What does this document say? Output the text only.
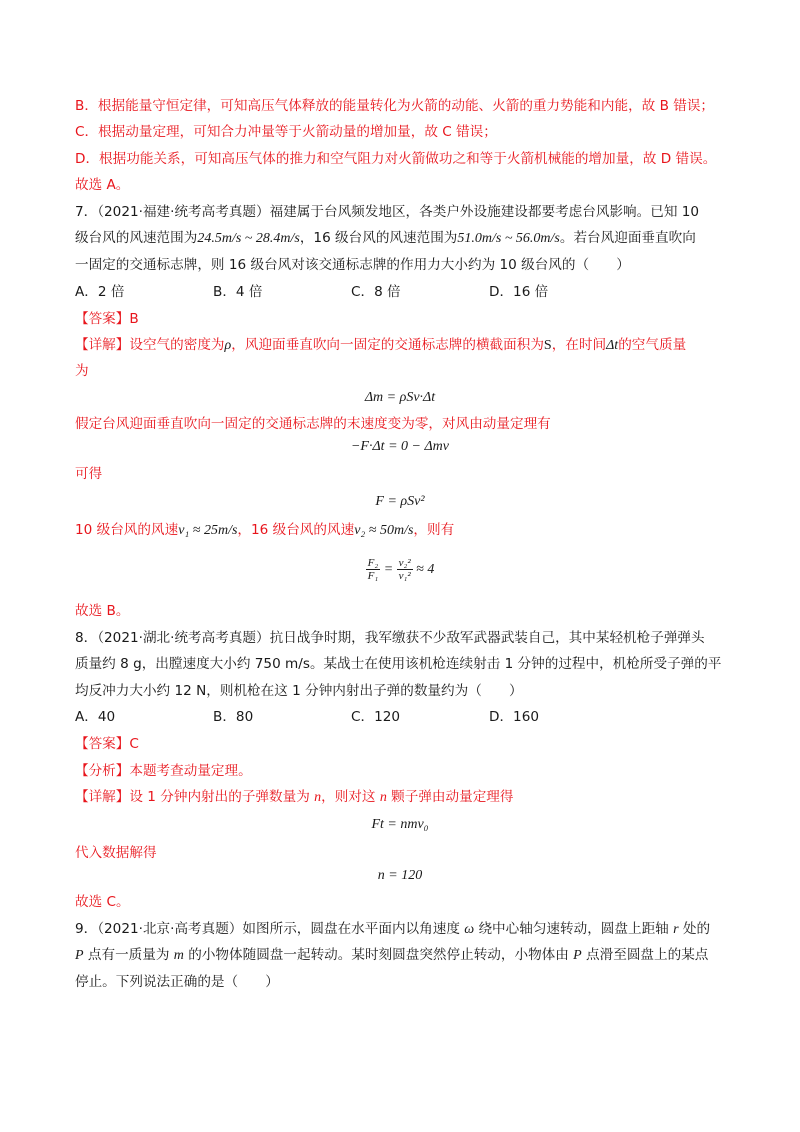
B．根据能量守恒定律，可知高压气体释放的能量转化为火箭的动能、火箭的重力势能和内能，故 B 错误；
C．根据动量定理，可知合力冲量等于火箭动量的增加量，故 C 错误；
D．根据功能关系，可知高压气体的推力和空气阻力对火箭做功之和等于火箭机械能的增加量，故 D 错误。
故选 A。
7．（2021·福建·统考高考真题）福建属于台风频发地区，各类户外设施建设都要考虑台风影响。已知 10
级台风的风速范围为24.5m/s ~ 28.4m/s，16 级台风的风速范围为51.0m/s ~ 56.0m/s。若台风迎面垂直吹向
一固定的交通标志牌，则 16 级台风对该交通标志牌的作用力大小约为 10 级台风的（　　）
A．2 倍	B．4 倍	C．8 倍	D．16 倍
【答案】B
【详解】设空气的密度为ρ，风迎面垂直吹向一固定的交通标志牌的横截面积为S，在时间Δt的空气质量
为
Δm = ρSv·Δt
假定台风迎面垂直吹向一固定的交通标志牌的末速度变为零，对风由动量定理有
−F·Δt = 0 − Δmv
可得
F = ρSv²
10 级台风的风速v₁ ≈ 25m/s，16 级台风的风速v₂ ≈ 50m/s，则有
$\frac{\text{F₂}}{\text{F₁}} = \frac{\text{v₂²}}{\text{v₁²}} \approx 4$
故选 B。
8．（2021·湖北·统考高考真题）抗日战争时期，我军缴获不少敌军武器武装自己，其中某轻机枪子弹弹头
质量约 8 g，出膛速度大小约 750 m/s。某战士在使用该机枪连续射击 1 分钟的过程中，机枪所受子弹的平
均反冲力大小约 12 N，则机枪在这 1 分钟内射出子弹的数量约为（　　）
A．40	B．80	C．120	D．160
【答案】C
【分析】本题考查动量定理。
【详解】设 1 分钟内射出的子弹数量为 n，则对这 n 颗子弹由动量定理得
Ft = nmv₀
代入数据解得
n = 120
故选 C。
9．（2021·北京·高考真题）如图所示，圆盘在水平面内以角速度 ω 绕中心轴匀速转动，圆盘上距轴 r 处的
P 点有一质量为 m 的小物体随圆盘一起转动。某时刻圆盘突然停止转动，小物体由 P 点滑至圆盘上的某点
停止。下列说法正确的是（　　）
